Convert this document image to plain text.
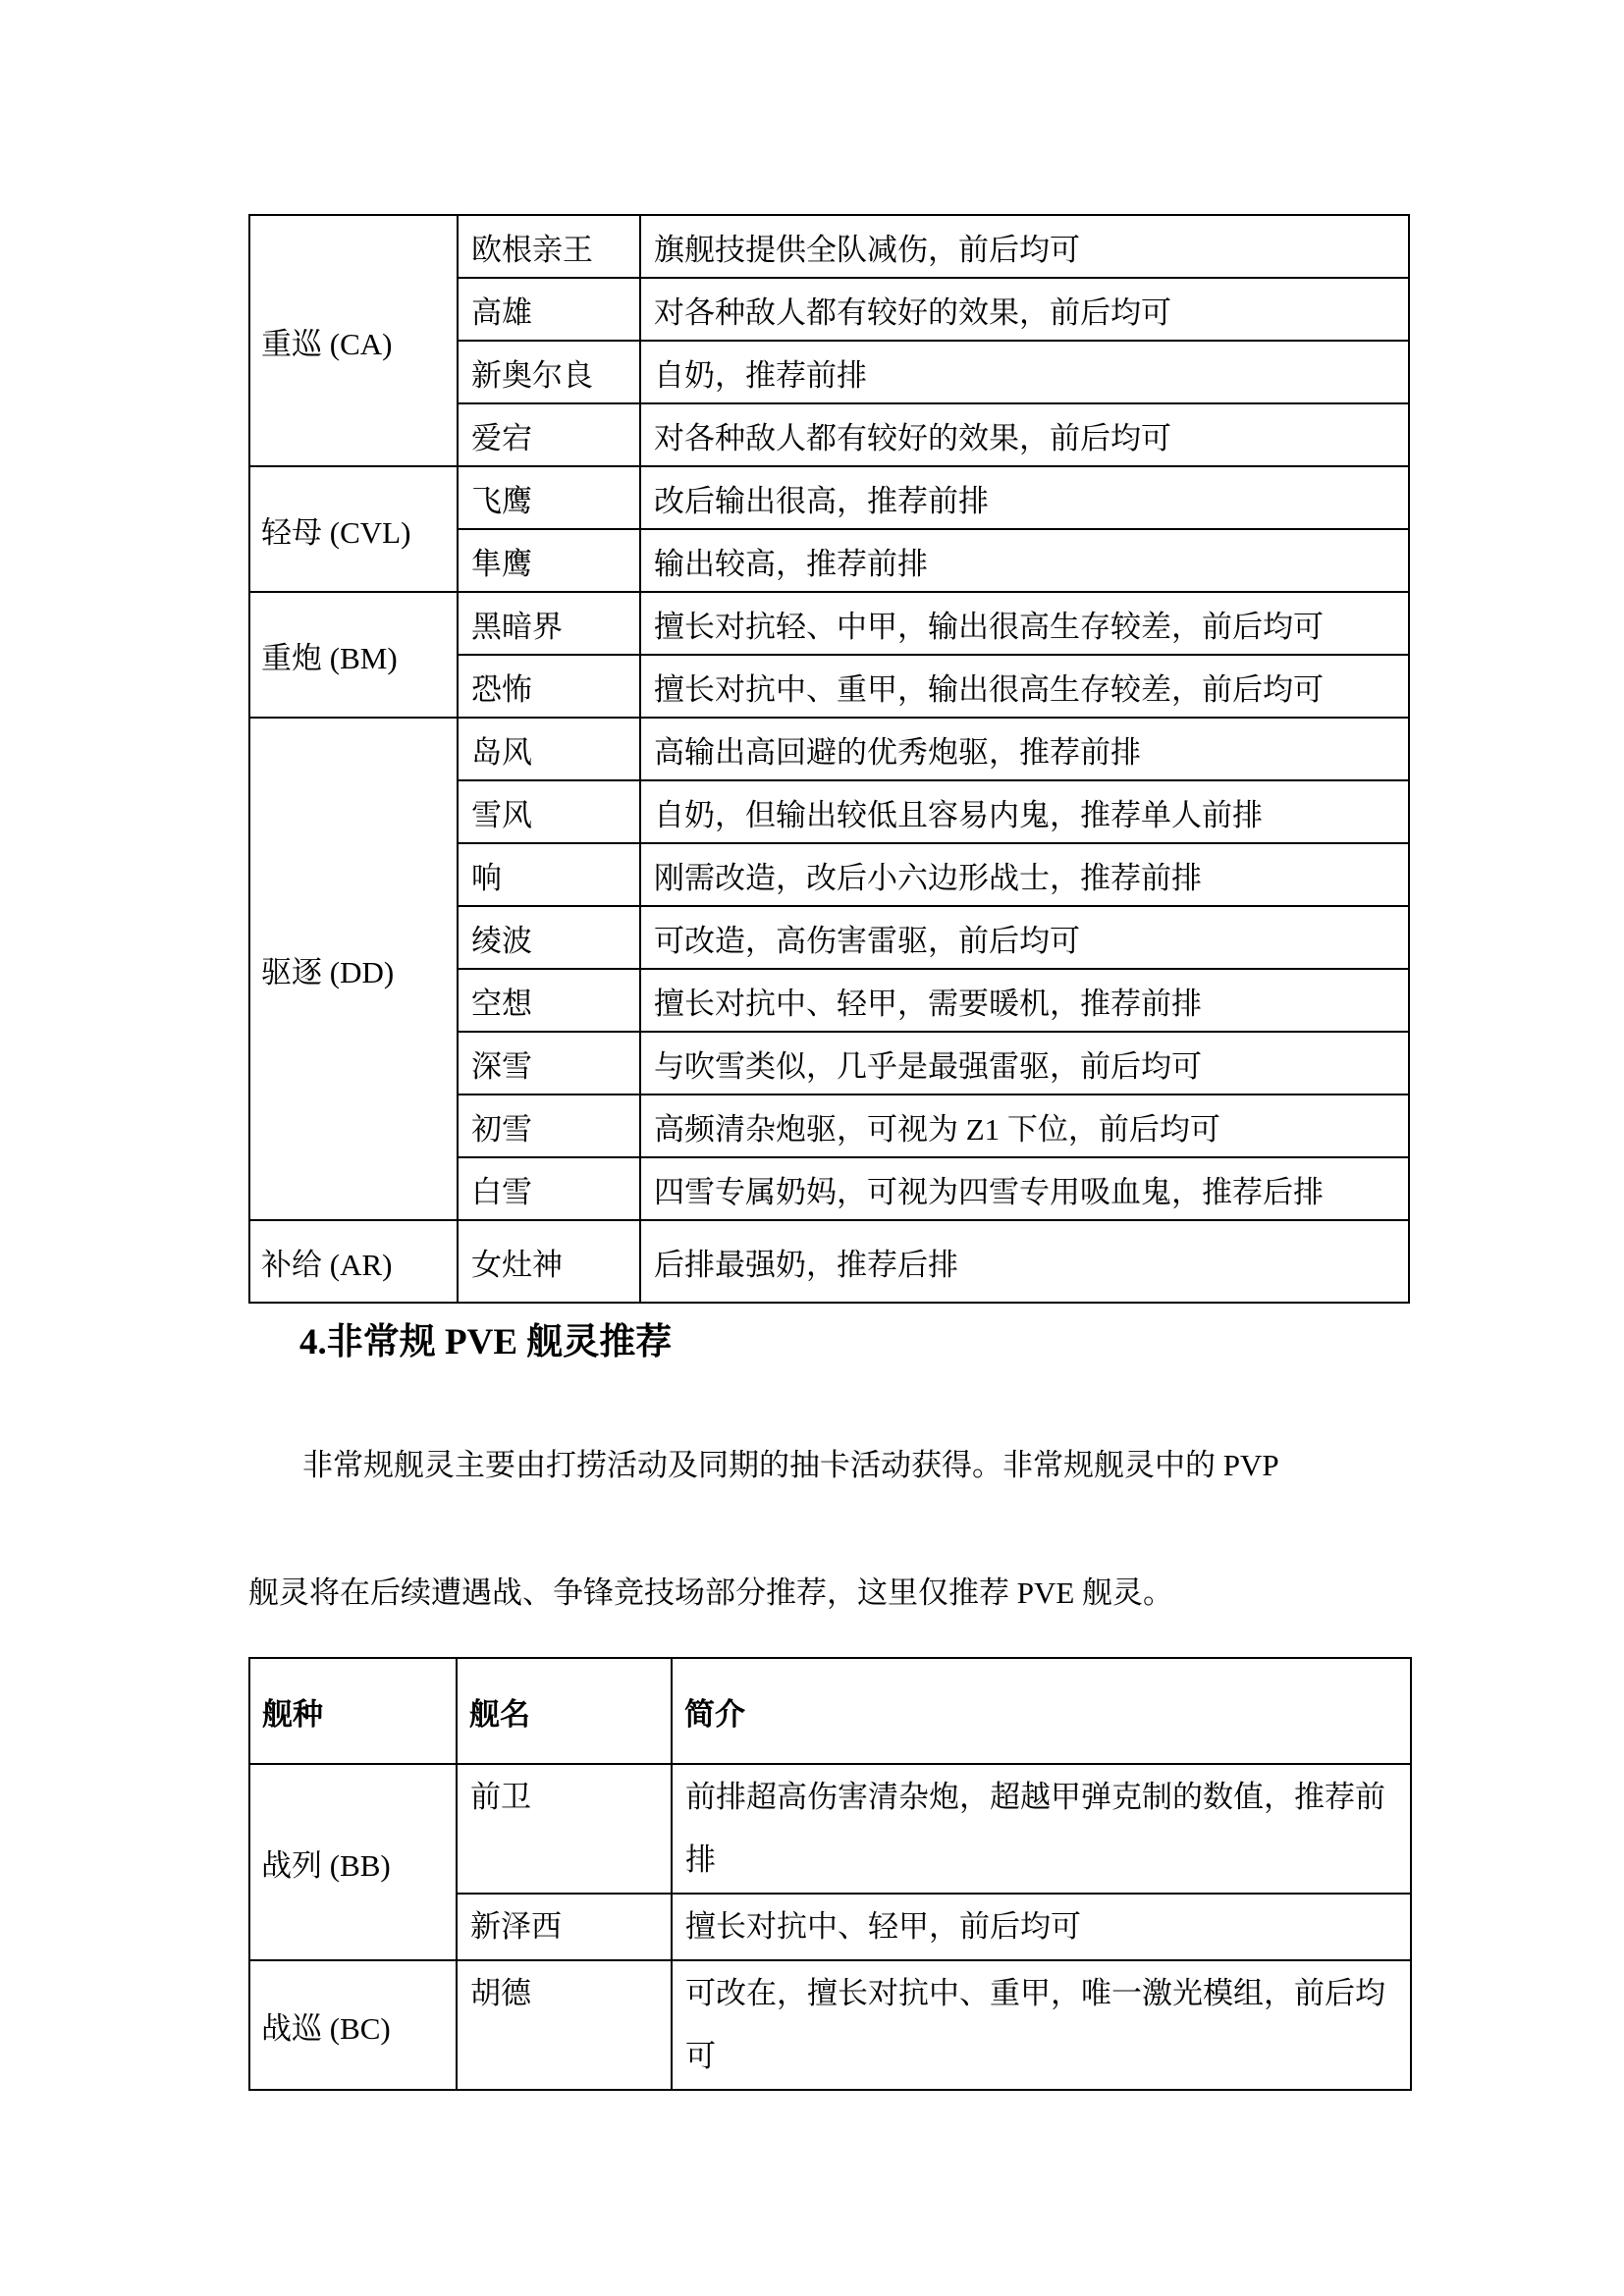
重巡 (CA)	欧根亲王	旗舰技提供全队减伤，前后均可
	高雄	对各种敌人都有较好的效果，前后均可
	新奥尔良	自奶，推荐前排
	爱宕	对各种敌人都有较好的效果，前后均可
轻母 (CVL)	飞鹰	改后输出很高，推荐前排
	隼鹰	输出较高，推荐前排
重炮 (BM)	黑暗界	擅长对抗轻、中甲，输出很高生存较差，前后均可
	恐怖	擅长对抗中、重甲，输出很高生存较差，前后均可
驱逐 (DD)	岛风	高输出高回避的优秀炮驱，推荐前排
	雪风	自奶，但输出较低且容易内鬼，推荐单人前排
	响	刚需改造，改后小六边形战士，推荐前排
	绫波	可改造，高伤害雷驱，前后均可
	空想	擅长对抗中、轻甲，需要暖机，推荐前排
	深雪	与吹雪类似，几乎是最强雷驱，前后均可
	初雪	高频清杂炮驱，可视为 Z1 下位，前后均可
	白雪	四雪专属奶妈，可视为四雪专用吸血鬼，推荐后排
补给 (AR)	女灶神	后排最强奶，推荐后排
4.非常规 PVE 舰灵推荐

非常规舰灵主要由打捞活动及同期的抽卡活动获得。非常规舰灵中的 PVP

舰灵将在后续遭遇战、争锋竞技场部分推荐，这里仅推荐 PVE 舰灵。

舰种	舰名	简介
战列 (BB)	前卫	前排超高伤害清杂炮，超越甲弹克制的数值，推荐前排
	新泽西	擅长对抗中、轻甲，前后均可
战巡 (BC)	胡德	可改在，擅长对抗中、重甲，唯一激光模组，前后均可
